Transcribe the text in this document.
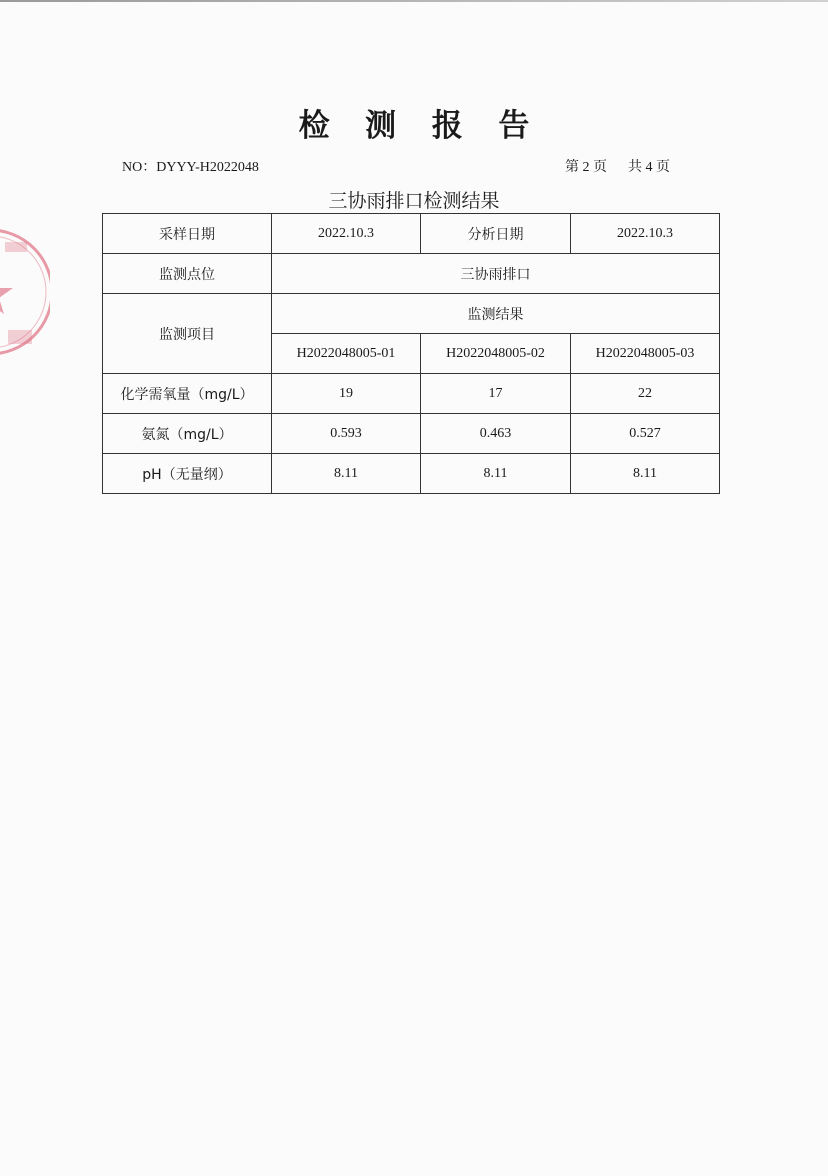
检 测 报 告
NO：DYYY-H2022048	第 2 页 共 4 页
三协雨排口检测结果
采样日期	2022.10.3	分析日期	2022.10.3
监测点位	三协雨排口		
监测项目	监测结果		
	H2022048005-01	H2022048005-02	H2022048005-03
化学需氧量（mg/L）	19	17	22
氨氮（mg/L）	0.593	0.463	0.527
pH（无量纲）	8.11	8.11	8.11
